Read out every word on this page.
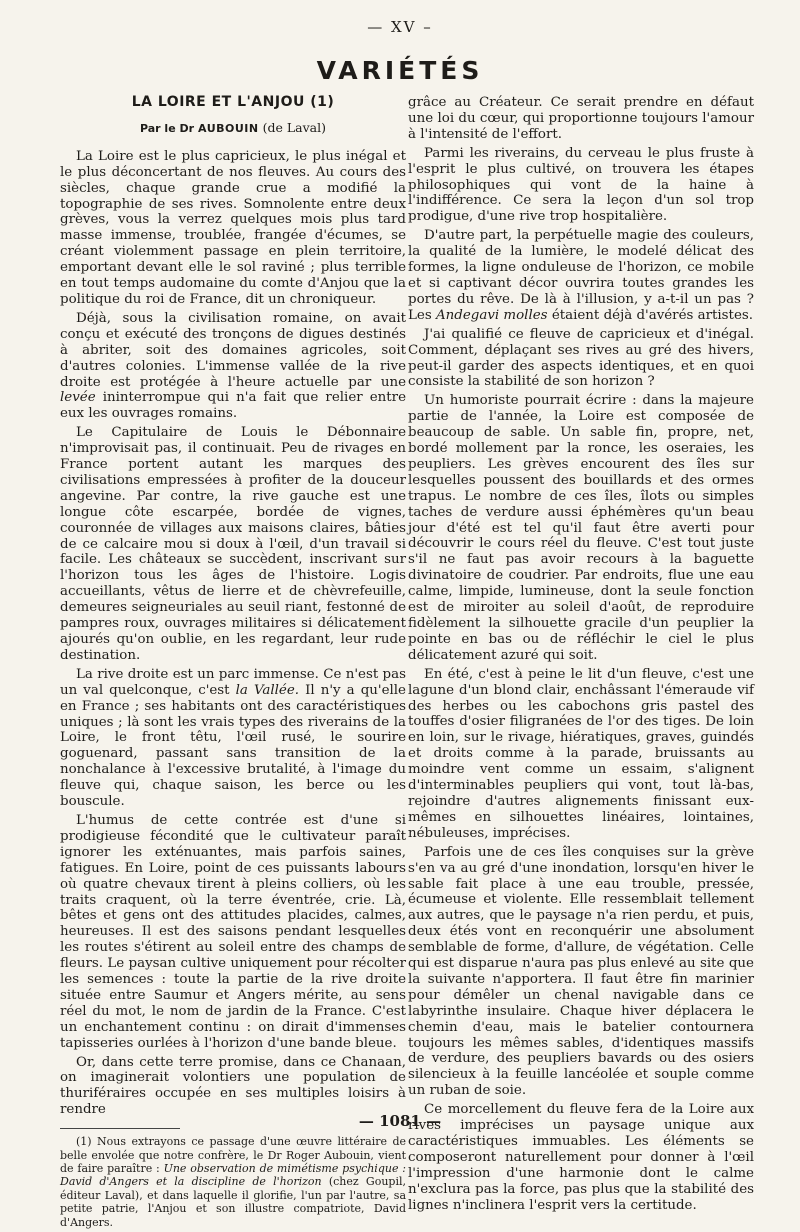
— XV –
VARIÉTÉS
LA LOIRE ET L'ANJOU (1)
Par le Dr AUBOUIN (de Laval)

La Loire est le plus capricieux, le plus inégal et le plus déconcertant de nos fleuves. Au cours des siècles, chaque grande crue a modifié la topographie de ses rives. Somnolente entre deux grèves, vous la verrez quelques mois plus tard masse immense, troublée, frangée d'écumes, se créant violemment passage en plein territoire, emportant devant elle le sol raviné ; plus terrible en tout temps audomaine du comte d'Anjou que la politique du roi de France, dit un chroniqueur.

Déjà, sous la civilisation romaine, on avait conçu et exécuté des tronçons de digues destinés à abriter, soit des domaines agricoles, soit d'autres colonies. L'immense vallée de la rive droite est protégée à l'heure actuelle par une levée ininterrompue qui n'a fait que relier entre eux les ouvrages romains.

Le Capitulaire de Louis le Débonnaire n'improvisait pas, il continuait. Peu de rivages en France portent autant les marques des civilisations empressées à profiter de la douceur angevine. Par contre, la rive gauche est une longue côte escarpée, bordée de vignes, couronnée de villages aux maisons claires, bâties de ce calcaire mou si doux à l'œil, d'un travail si facile. Les châteaux se succèdent, inscrivant sur l'horizon tous les âges de l'histoire. Logis accueillants, vêtus de lierre et de chèvrefeuille, demeures seigneuriales au seuil riant, festonné de pampres roux, ouvrages militaires si délicatement ajourés qu'on oublie, en les regardant, leur rude destination.

La rive droite est un parc immense. Ce n'est pas un val quelconque, c'est la Vallée. Il n'y a qu'elle en France ; ses habitants ont des caractéristiques uniques ; là sont les vrais types des riverains de la Loire, le front têtu, l'œil rusé, le sourire goguenard, passant sans transition de la nonchalance à l'excessive brutalité, à l'image du fleuve qui, chaque saison, les berce ou les bouscule.

L'humus de cette contrée est d'une si prodigieuse fécondité que le cultivateur paraît ignorer les exténuantes, mais parfois saines, fatigues. En Loire, point de ces puissants labours où quatre chevaux tirent à pleins colliers, où les traits craquent, où la terre éventrée, crie. Là, bêtes et gens ont des attitudes placides, calmes, heureuses. Il est des saisons pendant lesquelles les routes s'étirent au soleil entre des champs de fleurs. Le paysan cultive uniquement pour récolter les semences : toute la partie de la rive droite située entre Saumur et Angers mérite, au sens réel du mot, le nom de jardin de la France. C'est un enchantement continu : on dirait d'immenses tapisseries ourlées à l'horizon d'une bande bleue.

Or, dans cette terre promise, dans ce Chanaan, on imaginerait volontiers une population de thuriféraires occupée en ses multiples loisirs à rendre

(1) Nous extrayons ce passage d'une œuvre littéraire de belle envolée que notre confrère, le Dr Roger Aubouin, vient de faire paraître : Une observation de mimétisme psychique : David d'Angers et la discipline de l'horizon (chez Goupil, éditeur Laval), et dans laquelle il glorifie, l'un par l'autre, sa petite patrie, l'Anjou et son illustre compatriote, David d'Angers.

grâce au Créateur. Ce serait prendre en défaut une loi du cœur, qui proportionne toujours l'amour à l'intensité de l'effort.

Parmi les riverains, du cerveau le plus fruste à l'esprit le plus cultivé, on trouvera les étapes philosophiques qui vont de la haine à l'indifférence. Ce sera la leçon d'un sol trop prodigue, d'une rive trop hospitalière.

D'autre part, la perpétuelle magie des couleurs, la qualité de la lumière, le modelé délicat des formes, la ligne onduleuse de l'horizon, ce mobile et si captivant décor ouvrira toutes grandes les portes du rêve. De là à l'illusion, y a-t-il un pas ? Les Andegavi molles étaient déjà d'avérés artistes.

J'ai qualifié ce fleuve de capricieux et d'inégal. Comment, déplaçant ses rives au gré des hivers, peut-il garder des aspects identiques, et en quoi consiste la stabilité de son horizon ?

Un humoriste pourrait écrire : dans la majeure partie de l'année, la Loire est composée de beaucoup de sable. Un sable fin, propre, net, bordé mollement par la ronce, les oseraies, les peupliers. Les grèves encourent des îles sur lesquelles poussent des bouillards et des ormes trapus. Le nombre de ces îles, îlots ou simples taches de verdure aussi éphémères qu'un beau jour d'été est tel qu'il faut être averti pour découvrir le cours réel du fleuve. C'est tout juste s'il ne faut pas avoir recours à la baguette divinatoire de coudrier. Par endroits, flue une eau calme, limpide, lumineuse, dont la seule fonction est de miroiter au soleil d'août, de reproduire fidèlement la silhouette gracile d'un peuplier la pointe en bas ou de réfléchir le ciel le plus délicatement azuré qui soit.

En été, c'est à peine le lit d'un fleuve, c'est une lagune d'un blond clair, enchâssant l'émeraude vif des herbes ou les cabochons gris pastel des touffes d'osier filigranées de l'or des tiges. De loin en loin, sur le rivage, hiératiques, graves, guindés et droits comme à la parade, bruissants au moindre vent comme un essaim, s'alignent d'interminables peupliers qui vont, tout là-bas, rejoindre d'autres alignements finissant eux-mêmes en silhouettes linéaires, lointaines, nébuleuses, imprécises.

Parfois une de ces îles conquises sur la grève s'en va au gré d'une inondation, lorsqu'en hiver le sable fait place à une eau trouble, pressée, écumeuse et violente. Elle ressemblait tellement aux autres, que le paysage n'a rien perdu, et puis, deux étés vont en reconquérir une absolument semblable de forme, d'allure, de végétation. Celle qui est disparue n'aura pas plus enlevé au site que la suivante n'apportera. Il faut être fin marinier pour démêler un chenal navigable dans ce labyrinthe insulaire. Chaque hiver déplacera le chemin d'eau, mais le batelier contournera toujours les mêmes sables, d'identiques massifs de verdure, des peupliers bavards ou des osiers silencieux à la feuille lancéolée et souple comme un ruban de soie.

Ce morcellement du fleuve fera de la Loire aux rives imprécises un paysage unique aux caractéristiques immuables. Les éléments se composeront naturellement pour donner à l'œil l'impression d'une harmonie dont le calme n'exclura pas la force, pas plus que la stabilité des lignes n'inclinera l'esprit vers la certitude.

— 1081 —
